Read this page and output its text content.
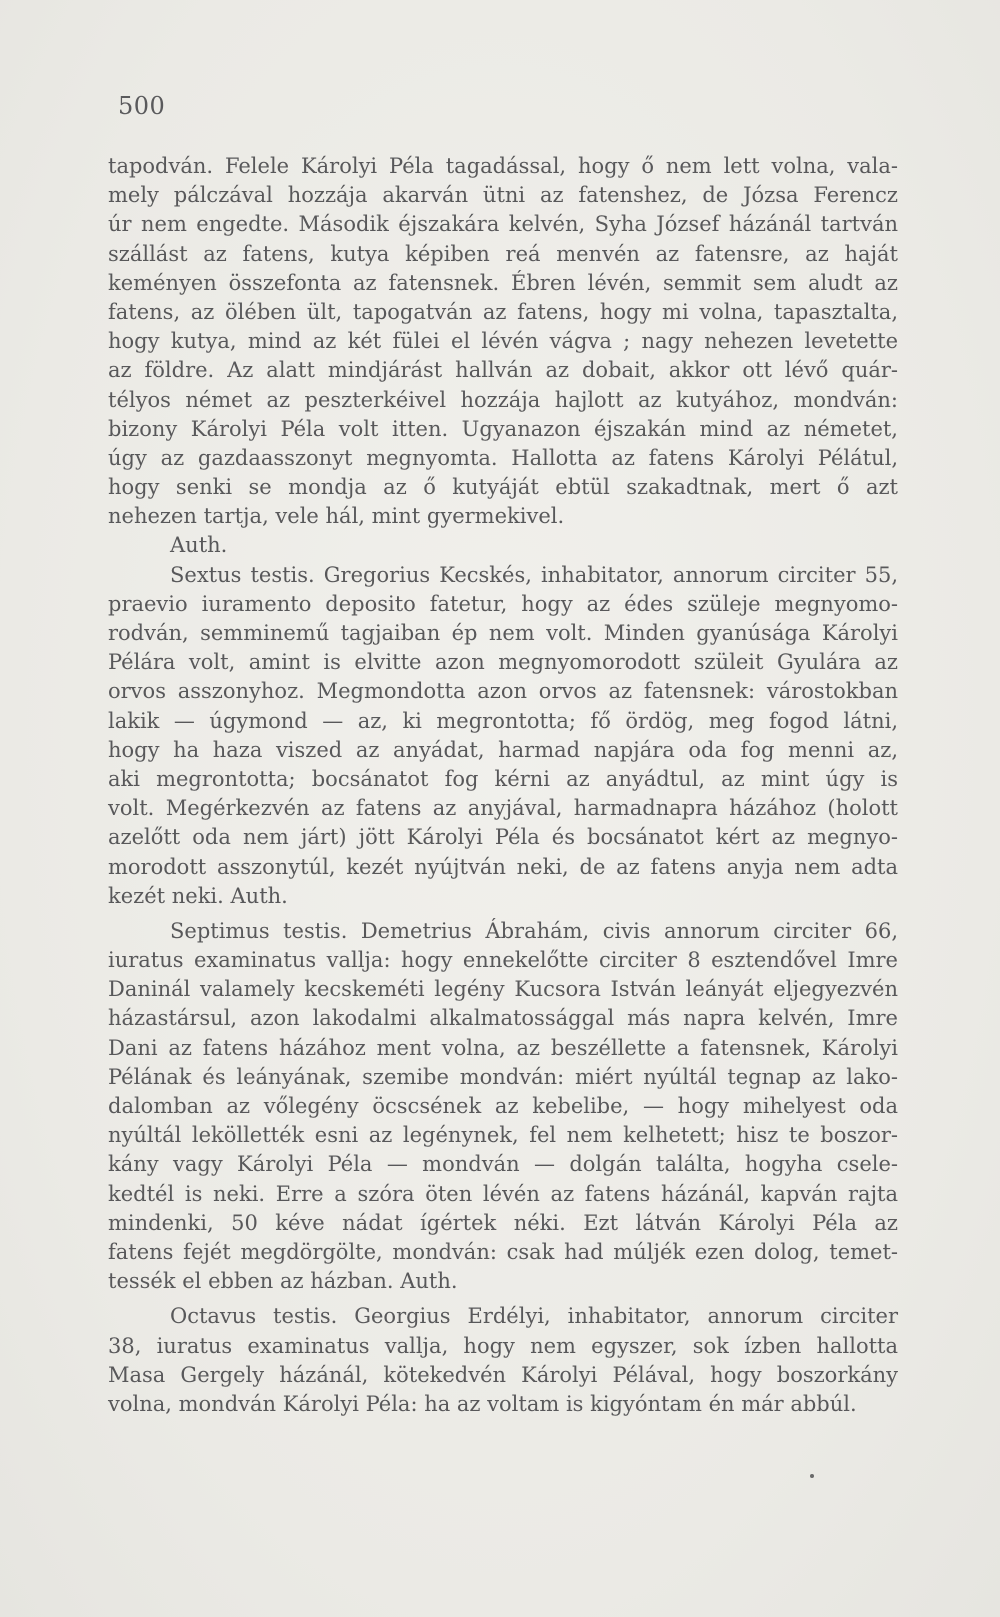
500
tapodván. Felele Károlyi Péla tagadással, hogy ő nem lett volna, vala-
mely pálczával hozzája akarván ütni az fatenshez, de Józsa Ferencz
úr nem engedte. Második éjszakára kelvén, Syha József házánál tartván
szállást az fatens, kutya képiben reá menvén az fatensre, az haját
keményen összefonta az fatensnek. Ébren lévén, semmit sem aludt az
fatens, az ölében ült, tapogatván az fatens, hogy mi volna, tapasztalta,
hogy kutya, mind az két fülei el lévén vágva ; nagy nehezen levetette
az földre. Az alatt mindjárást hallván az dobait, akkor ott lévő quár-
télyos német az peszterkéivel hozzája hajlott az kutyához, mondván:
bizony Károlyi Péla volt itten. Ugyanazon éjszakán mind az németet,
úgy az gazdaasszonyt megnyomta. Hallotta az fatens Károlyi Pélátul,
hogy senki se mondja az ő kutyáját ebtül szakadtnak, mert ő azt
nehezen tartja, vele hál, mint gyermekivel.
Auth.
Sextus testis. Gregorius Kecskés, inhabitator, annorum circiter 55,
praevio iuramento deposito fatetur, hogy az édes szüleje megnyomo-
rodván, semminemű tagjaiban ép nem volt. Minden gyanúsága Károlyi
Pélára volt, amint is elvitte azon megnyomorodott szüleit Gyulára az
orvos asszonyhoz. Megmondotta azon orvos az fatensnek: várostokban
lakik — úgymond — az, ki megrontotta; fő ördög, meg fogod látni,
hogy ha haza viszed az anyádat, harmad napjára oda fog menni az,
aki megrontotta; bocsánatot fog kérni az anyádtul, az mint úgy is
volt. Megérkezvén az fatens az anyjával, harmadnapra házához (holott
azelőtt oda nem járt) jött Károlyi Péla és bocsánatot kért az megnyo-
morodott asszonytúl, kezét nyújtván neki, de az fatens anyja nem adta
kezét neki. Auth.
Septimus testis. Demetrius Ábrahám, civis annorum circiter 66,
iuratus examinatus vallja: hogy ennekelőtte circiter 8 esztendővel Imre
Daninál valamely kecskeméti legény Kucsora István leányát eljegyezvén
házastársul, azon lakodalmi alkalmatossággal más napra kelvén, Imre
Dani az fatens házához ment volna, az beszéllette a fatensnek, Károlyi
Pélának és leányának, szemibe mondván: miért nyúltál tegnap az lako-
dalomban az vőlegény öcscsének az kebelibe, — hogy mihelyest oda
nyúltál leköllették esni az legénynek, fel nem kelhetett; hisz te boszor-
kány vagy Károlyi Péla — mondván — dolgán találta, hogyha csele-
kedtél is neki. Erre a szóra öten lévén az fatens házánál, kapván rajta
mindenki, 50 kéve nádat ígértek néki. Ezt látván Károlyi Péla az
fatens fejét megdörgölte, mondván: csak had múljék ezen dolog, temet-
tessék el ebben az házban. Auth.
Octavus testis. Georgius Erdélyi, inhabitator, annorum circiter
38, iuratus examinatus vallja, hogy nem egyszer, sok ízben hallotta
Masa Gergely házánál, kötekedvén Károlyi Pélával, hogy boszorkány
volna, mondván Károlyi Péla: ha az voltam is kigyóntam én már abbúl.
